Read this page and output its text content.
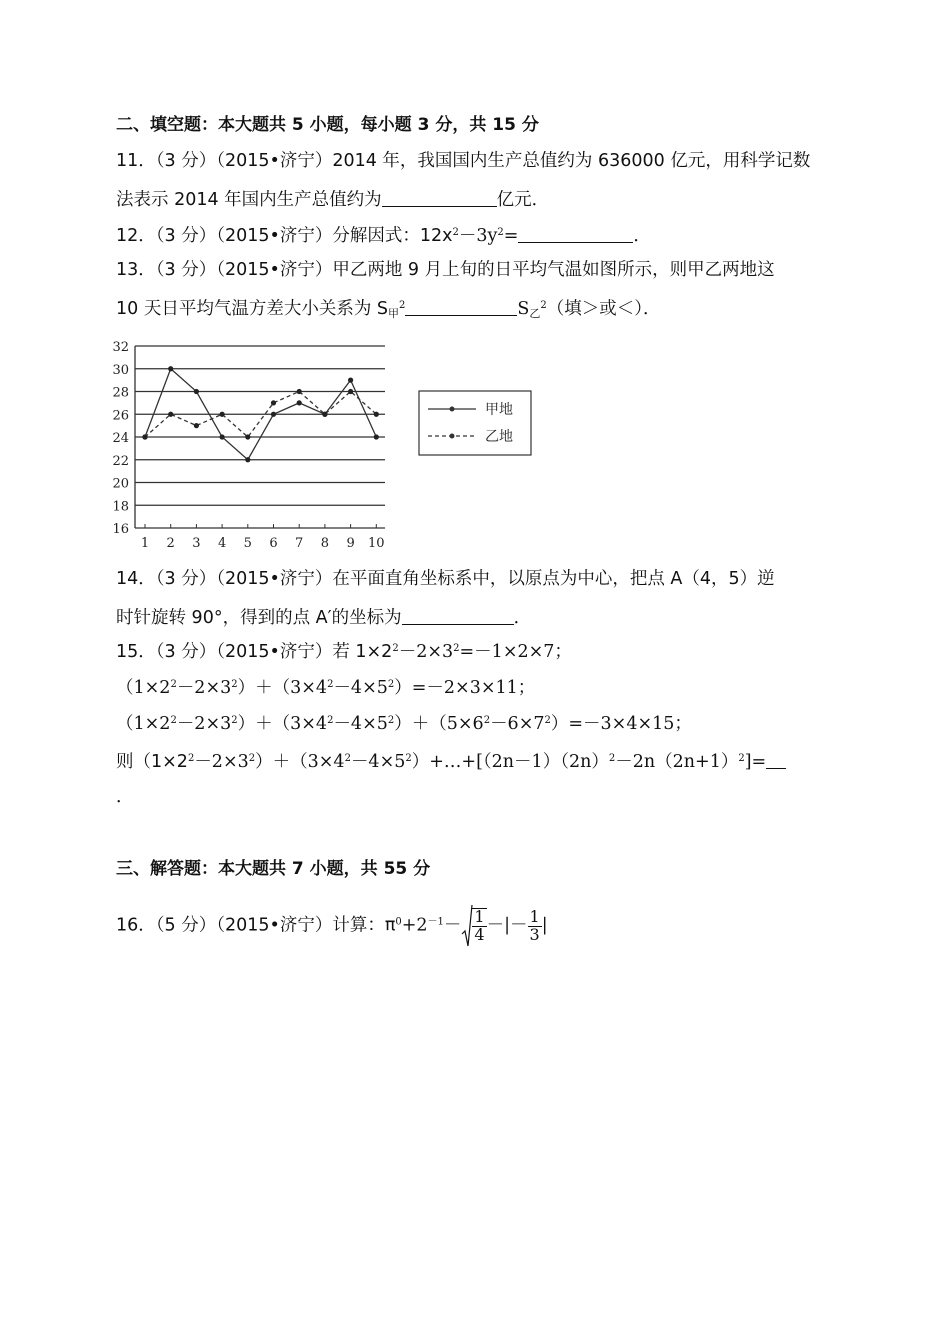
二、填空题：本大题共 5 小题，每小题 3 分，共 15 分
11．（3 分）（2015•济宁）2014 年，我国国内生产总值约为 636000 亿元，用科学记数
法表示 2014 年国内生产总值约为	亿元．
12．（3 分）（2015•济宁）分解因式：$12x^2-3y^2=$	．
13．（3 分）（2015•济宁）甲乙两地 9 月上旬的日平均气温如图所示，则甲乙两地这
10 天日平均气温方差大小关系为 $S_甲^2$	$S_乙^2$（填＞或＜）．
16
18
20
22
24
26
28
30
32
1 2 3 4 5 6 7 8 9 10
甲地
乙地
14．（3 分）（2015•济宁）在平面直角坐标系中，以原点为中心，把点 A（4，5）逆
时针旋转 90°，得到的点 A′的坐标为	．
15．（3 分）（2015•济宁）若 $1\times 2^2-2\times 3^2=-1\times 2\times 7$；
$(1\times 2^2-2\times 3^2)+(3\times 4^2-4\times 5^2)=-2\times 3\times 11$；
$(1\times 2^2-2\times 3^2)+(3\times 4^2-4\times 5^2)+(5\times 6^2-6\times 7^2)=-3\times 4\times 15$；
则$(1\times 2^2-2\times 3^2)+(3\times 4^2-4\times 5^2)+\dots+[(2n-1)(2n)^2-2n(2n+1)^2]=$
．
三、解答题：本大题共 7 小题，共 55 分
16．（5 分）（2015•济宁）计算：$\pi^0+2^{-1}- \frac{1}{4}$ －|－ $\frac{1}{3}$ |
